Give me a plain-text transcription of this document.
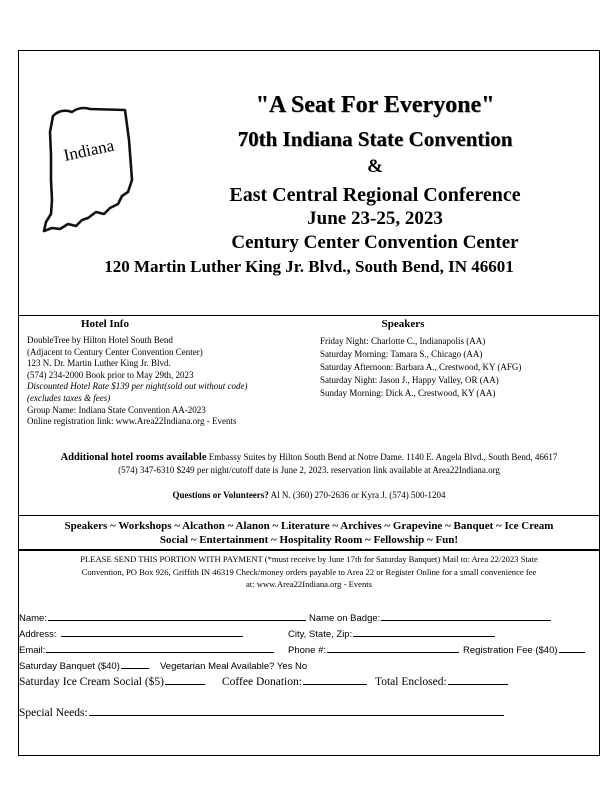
Indiana
"A Seat For Everyone"
70th Indiana State Convention
&
East Central Regional Conference
June 23-25, 2023
Century Center Convention Center
120 Martin Luther King Jr. Blvd., South Bend, IN 46601
Hotel Info
DoubleTree by Hilton Hotel South Bend
(Adjacent to Century Center Convention Center)
123 N. Dr. Martin Luther King Jr. Blvd.
(574) 234-2000 Book prior to May 29th, 2023
Discounted Hotel Rate $139 per night(sold out without code)
(excludes taxes & fees)
Group Name: Indiana State Convention AA-2023
Online registration link: www.Area22Indiana.org - Events
Speakers
Friday Night: Charlotte C., Indianapolis (AA)
Saturday Morning: Tamara S., Chicago (AA)
Saturday Afternoon: Barbara A., Crestwood, KY (AFG)
Saturday Night: Jason J., Happy Valley, OR (AA)
Sunday Morning: Dick A., Crestwood, KY (AA)
Additional hotel rooms available Embassy Suites by Hilton South Bend at Notre Dame. 1140 E. Angela Blvd., South Bend, 46617
(574) 347-6310 $249 per night/cutoff date is June 2, 2023. reservation link available at Area22Indiana.org
Questions or Volunteers? Al N. (360) 270-2636 or Kyra J. (574) 500-1204
Speakers ~ Workshops ~ Alcathon ~ Alanon ~ Literature ~ Archives ~ Grapevine ~ Banquet ~ Ice Cream
Social ~ Entertainment ~ Hospitality Room ~ Fellowship ~ Fun!
PLEASE SEND THIS PORTION WITH PAYMENT (*must receive by June 17th for Saturday Banquet) Mail to: Area 22/2023 State
Convention, PO Box 926, Griffith IN 46319 Check/money orders payable to Area 22 or Register Online for a small convenience fee
at: www.Area22Indiana.org - Events
Name:	Name on Badge:
Address:	City, State, Zip:
Email:	Phone #:	Registration Fee ($40)
Saturday Banquet ($40)	Vegetarian Meal Available? Yes No
Saturday Ice Cream Social ($5)	Coffee Donation:	Total Enclosed:
Special Needs:
